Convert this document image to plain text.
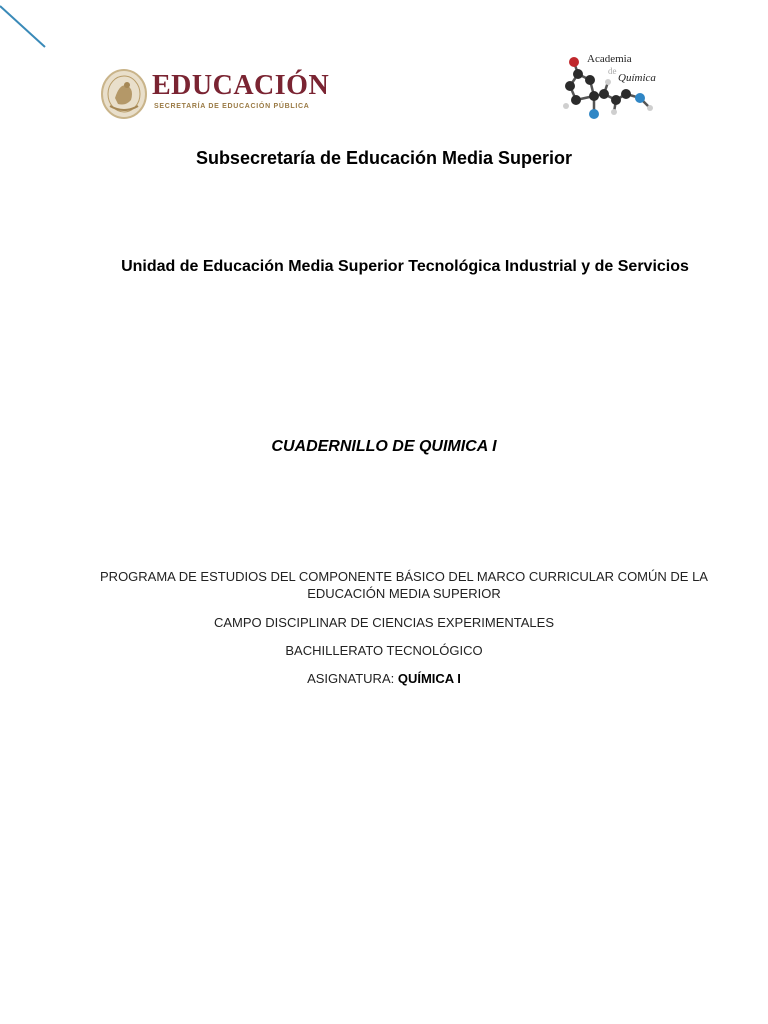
EDUCACIÓN
SECRETARÍA DE EDUCACIÓN PÚBLICA
Academia
de
Química
Subsecretaría de Educación Media Superior
Unidad de Educación Media Superior Tecnológica Industrial y de Servicios
CUADERNILLO DE QUIMICA I
PROGRAMA DE ESTUDIOS DEL COMPONENTE BÁSICO DEL MARCO CURRICULAR COMÚN DE LA EDUCACIÓN MEDIA SUPERIOR
CAMPO DISCIPLINAR DE CIENCIAS EXPERIMENTALES
BACHILLERATO TECNOLÓGICO
ASIGNATURA: QUÍMICA I
